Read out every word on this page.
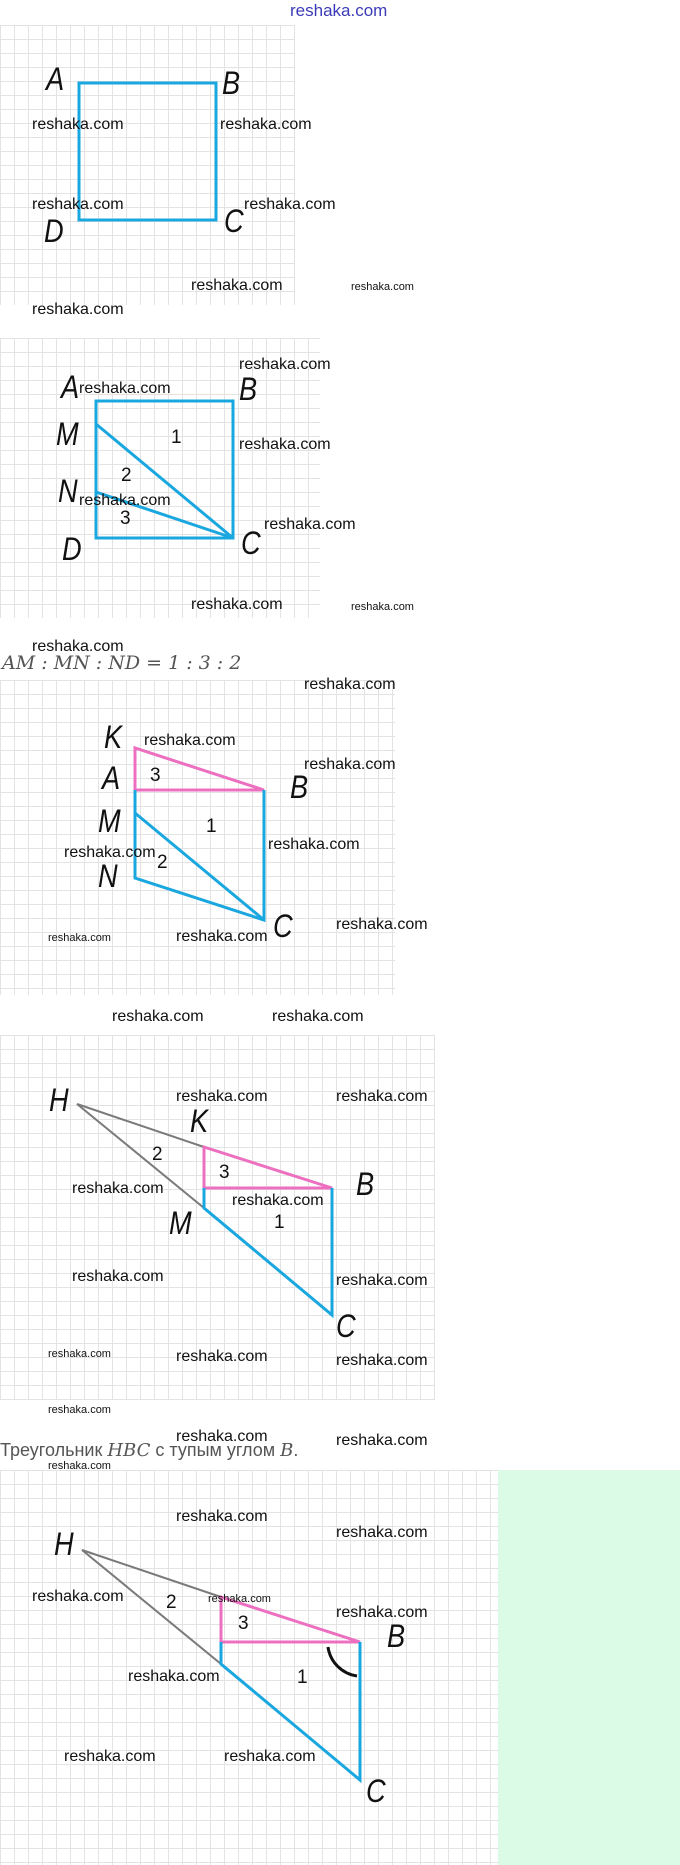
reshaka.com
A	B
D	C
A	B
M
N
D	C
1
2
3
K
A	B
M
N
C
3
1
2
H
K
B
M
C
2
3
1
H
B
C
2
3
1
AM : MN : ND = 1 : 3 : 2
Треугольник HBC с тупым углом B.
reshaka.com	reshaka.com
reshaka.com	reshaka.com
reshaka.com	reshaka.com
reshaka.com
reshaka.com
reshaka.com
reshaka.com
reshaka.com
reshaka.com
reshaka.com	reshaka.com
reshaka.com
reshaka.com
reshaka.com
reshaka.com
reshaka.com
reshaka.com
reshaka.com
reshaka.com
reshaka.com
reshaka.com	reshaka.com
reshaka.com	reshaka.com
reshaka.com
reshaka.com
reshaka.com	reshaka.com
reshaka.com	reshaka.com	reshaka.com
reshaka.com
reshaka.com	reshaka.com
reshaka.com
reshaka.com
reshaka.com
reshaka.com	reshaka.com
reshaka.com
reshaka.com
reshaka.com	reshaka.com
